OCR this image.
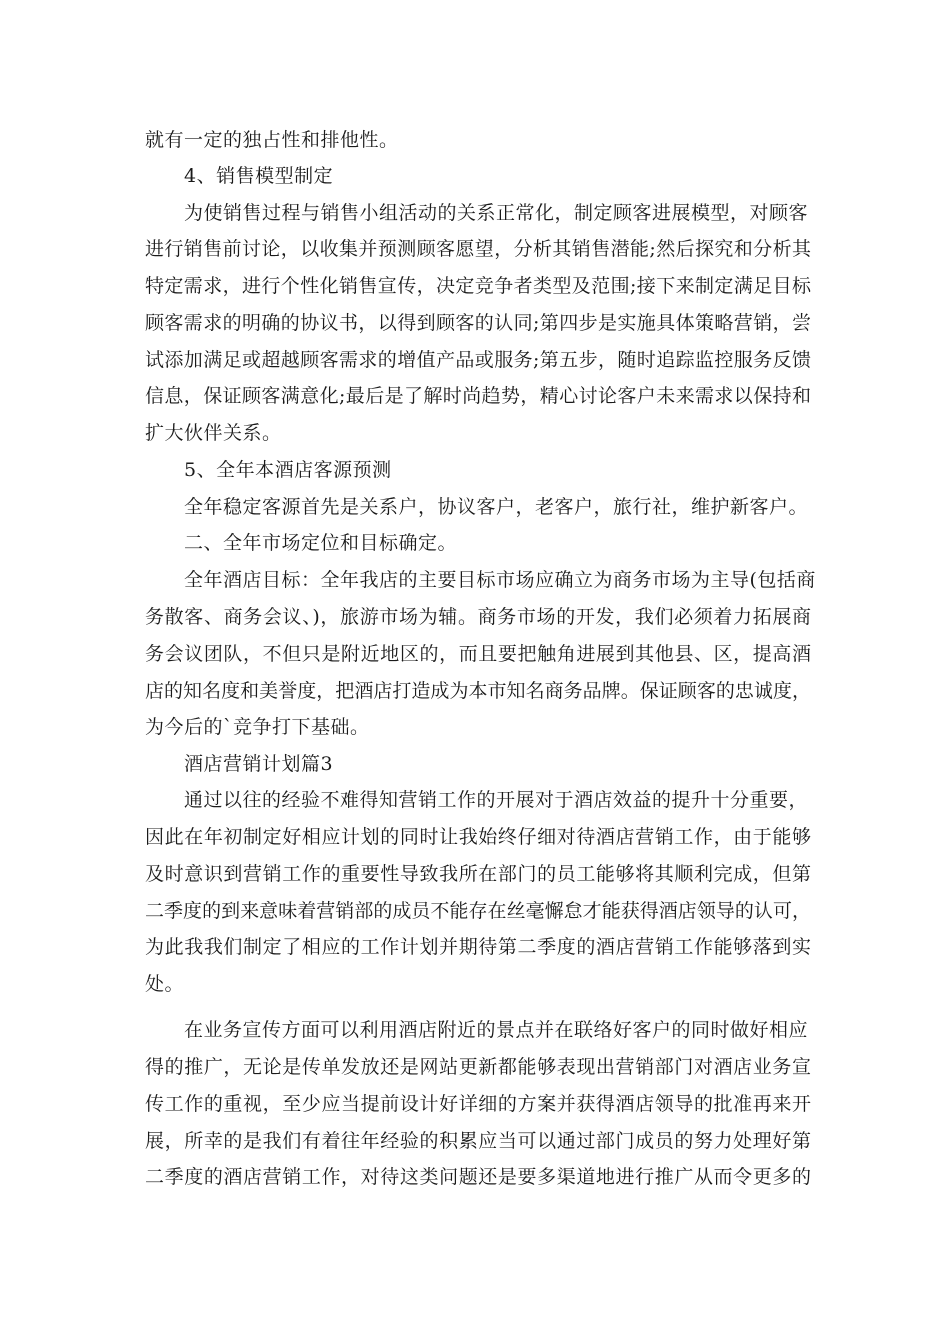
就有一定的独占性和排他性。
4、销售模型制定
为使销售过程与销售小组活动的关系正常化，制定顾客进展模型，对顾客
进行销售前讨论，以收集并预测顾客愿望，分析其销售潜能;然后探究和分析其
特定需求，进行个性化销售宣传，决定竞争者类型及范围;接下来制定满足目标
顾客需求的明确的协议书，以得到顾客的认同;第四步是实施具体策略营销，尝
试添加满足或超越顾客需求的增值产品或服务;第五步，随时追踪监控服务反馈
信息，保证顾客满意化;最后是了解时尚趋势，精心讨论客户未来需求以保持和
扩大伙伴关系。
5、全年本酒店客源预测
全年稳定客源首先是关系户，协议客户，老客户，旅行社，维护新客户。
二、全年市场定位和目标确定。
全年酒店目标：全年我店的主要目标市场应确立为商务市场为主导(包括商
务散客、商务会议、)，旅游市场为辅。商务市场的开发，我们必须着力拓展商
务会议团队，不但只是附近地区的，而且要把触角进展到其他县、区，提高酒
店的知名度和美誉度，把酒店打造成为本市知名商务品牌。保证顾客的忠诚度，
为今后的`竞争打下基础。
酒店营销计划篇3
通过以往的经验不难得知营销工作的开展对于酒店效益的提升十分重要，
因此在年初制定好相应计划的同时让我始终仔细对待酒店营销工作，由于能够
及时意识到营销工作的重要性导致我所在部门的员工能够将其顺利完成，但第
二季度的到来意味着营销部的成员不能存在丝毫懈怠才能获得酒店领导的认可，
为此我我们制定了相应的工作计划并期待第二季度的酒店营销工作能够落到实
处。
在业务宣传方面可以利用酒店附近的景点并在联络好客户的同时做好相应
得的推广，无论是传单发放还是网站更新都能够表现出营销部门对酒店业务宣
传工作的重视，至少应当提前设计好详细的方案并获得酒店领导的批准再来开
展，所幸的是我们有着往年经验的积累应当可以通过部门成员的努力处理好第
二季度的酒店营销工作，对待这类问题还是要多渠道地进行推广从而令更多的
